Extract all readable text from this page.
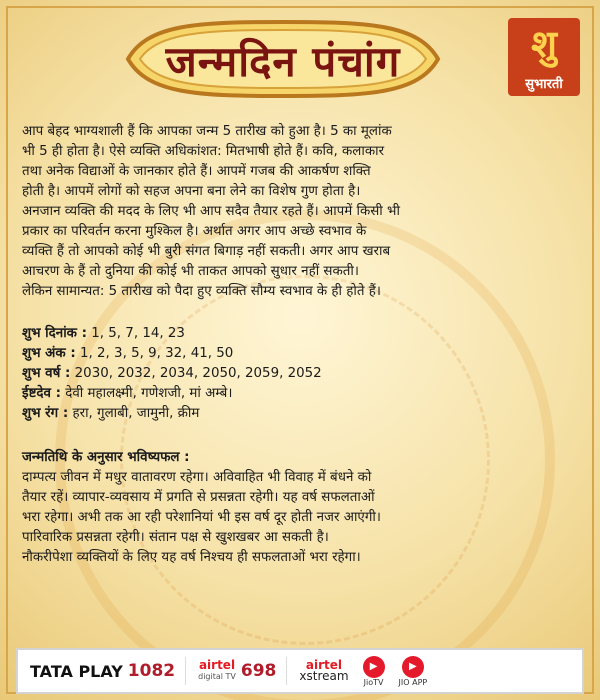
जन्मदिन पंचांग	शु
सुभारती

आप बेहद भाग्यशाली हैं कि आपका जन्म 5 तारीख को हुआ है। 5 का मूलांक

भी 5 ही होता है। ऐसे व्यक्ति अधिकांशत: मितभाषी होते हैं। कवि, कलाकार

तथा अनेक विद्याओं के जानकार होते हैं। आपमें गजब की आकर्षण शक्ति

होती है। आपमें लोगों को सहज अपना बना लेने का विशेष गुण होता है।

अनजान व्यक्ति की मदद के लिए भी आप सदैव तैयार रहते हैं। आपमें किसी भी

प्रकार का परिवर्तन करना मुश्किल है। अर्थात अगर आप अच्छे स्वभाव के

व्यक्ति हैं तो आपको कोई भी बुरी संगत बिगाड़ नहीं सकती। अगर आप खराब

आचरण के हैं तो दुनिया की कोई भी ताकत आपको सुधार नहीं सकती।

लेकिन सामान्यत: 5 तारीख को पैदा हुए व्यक्ति सौम्य स्वभाव के ही होते हैं।

शुभ दिनांक : 1, 5, 7, 14, 23

शुभ अंक : 1, 2, 3, 5, 9, 32, 41, 50

शुभ वर्ष : 2030, 2032, 2034, 2050, 2059, 2052

ईष्टदेव : देवी महालक्ष्मी, गणेशजी, मां अम्बे।

शुभ रंग : हरा, गुलाबी, जामुनी, क्रीम

जन्मतिथि के अनुसार भविष्यफल :

दाम्पत्य जीवन में मधुर वातावरण रहेगा। अविवाहित भी विवाह में बंधने को

तैयार रहें। व्यापार-व्यवसाय में प्रगति से प्रसन्नता रहेगी। यह वर्ष सफलताओं

भरा रहेगा। अभी तक आ रही परेशानियां भी इस वर्ष दूर होती नजर आएंगी।

पारिवारिक प्रसन्नता रहेगी। संतान पक्ष से खुशखबर आ सकती है।

नौकरीपेशा व्यक्तियों के लिए यह वर्ष निश्चय ही सफलताओं भरा रहेगा।

TATA PLAY 1082 airtel
digital TV 698	airtel
xstream
▶
JioTV
▶
JIO APP
